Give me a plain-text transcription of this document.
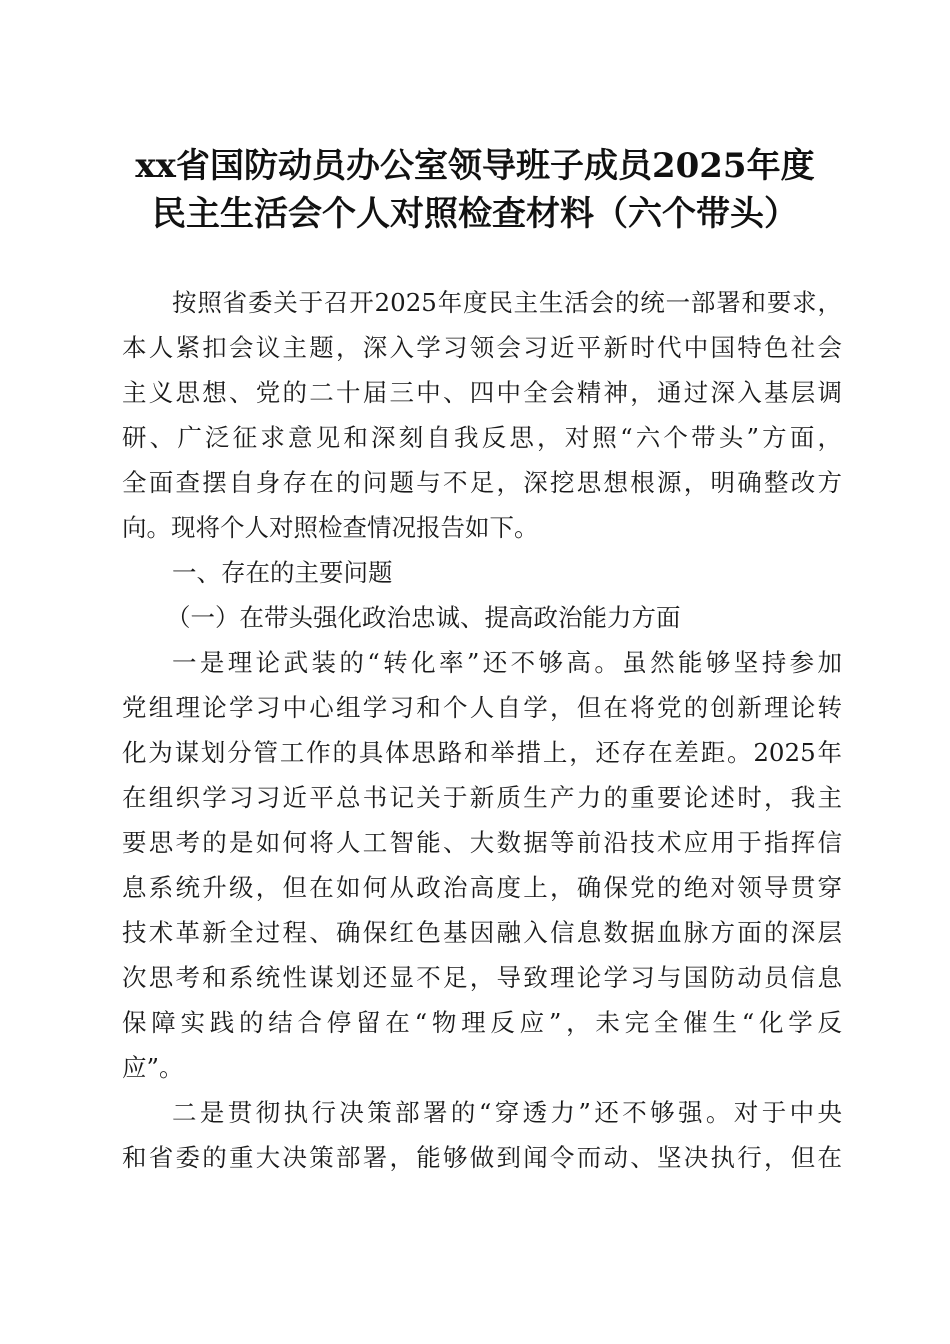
xx省国防动员办公室领导班子成员2025年度
民主生活会个人对照检查材料（六个带头）
按照省委关于召开2025年度民主生活会的统一部署和要求，
本人紧扣会议主题，深入学习领会习近平新时代中国特色社会
主义思想、党的二十届三中、四中全会精神，通过深入基层调
研、广泛征求意见和深刻自我反思，对照“六个带头”方面，
全面查摆自身存在的问题与不足，深挖思想根源，明确整改方
向。现将个人对照检查情况报告如下。
一、存在的主要问题
（一）在带头强化政治忠诚、提高政治能力方面
一是理论武装的“转化率”还不够高。虽然能够坚持参加
党组理论学习中心组学习和个人自学，但在将党的创新理论转
化为谋划分管工作的具体思路和举措上，还存在差距。2025年
在组织学习习近平总书记关于新质生产力的重要论述时，我主
要思考的是如何将人工智能、大数据等前沿技术应用于指挥信
息系统升级，但在如何从政治高度上，确保党的绝对领导贯穿
技术革新全过程、确保红色基因融入信息数据血脉方面的深层
次思考和系统性谋划还显不足，导致理论学习与国防动员信息
保障实践的结合停留在“物理反应”，未完全催生“化学反
应”。
二是贯彻执行决策部署的“穿透力”还不够强。对于中央
和省委的重大决策部署，能够做到闻令而动、坚决执行，但在
